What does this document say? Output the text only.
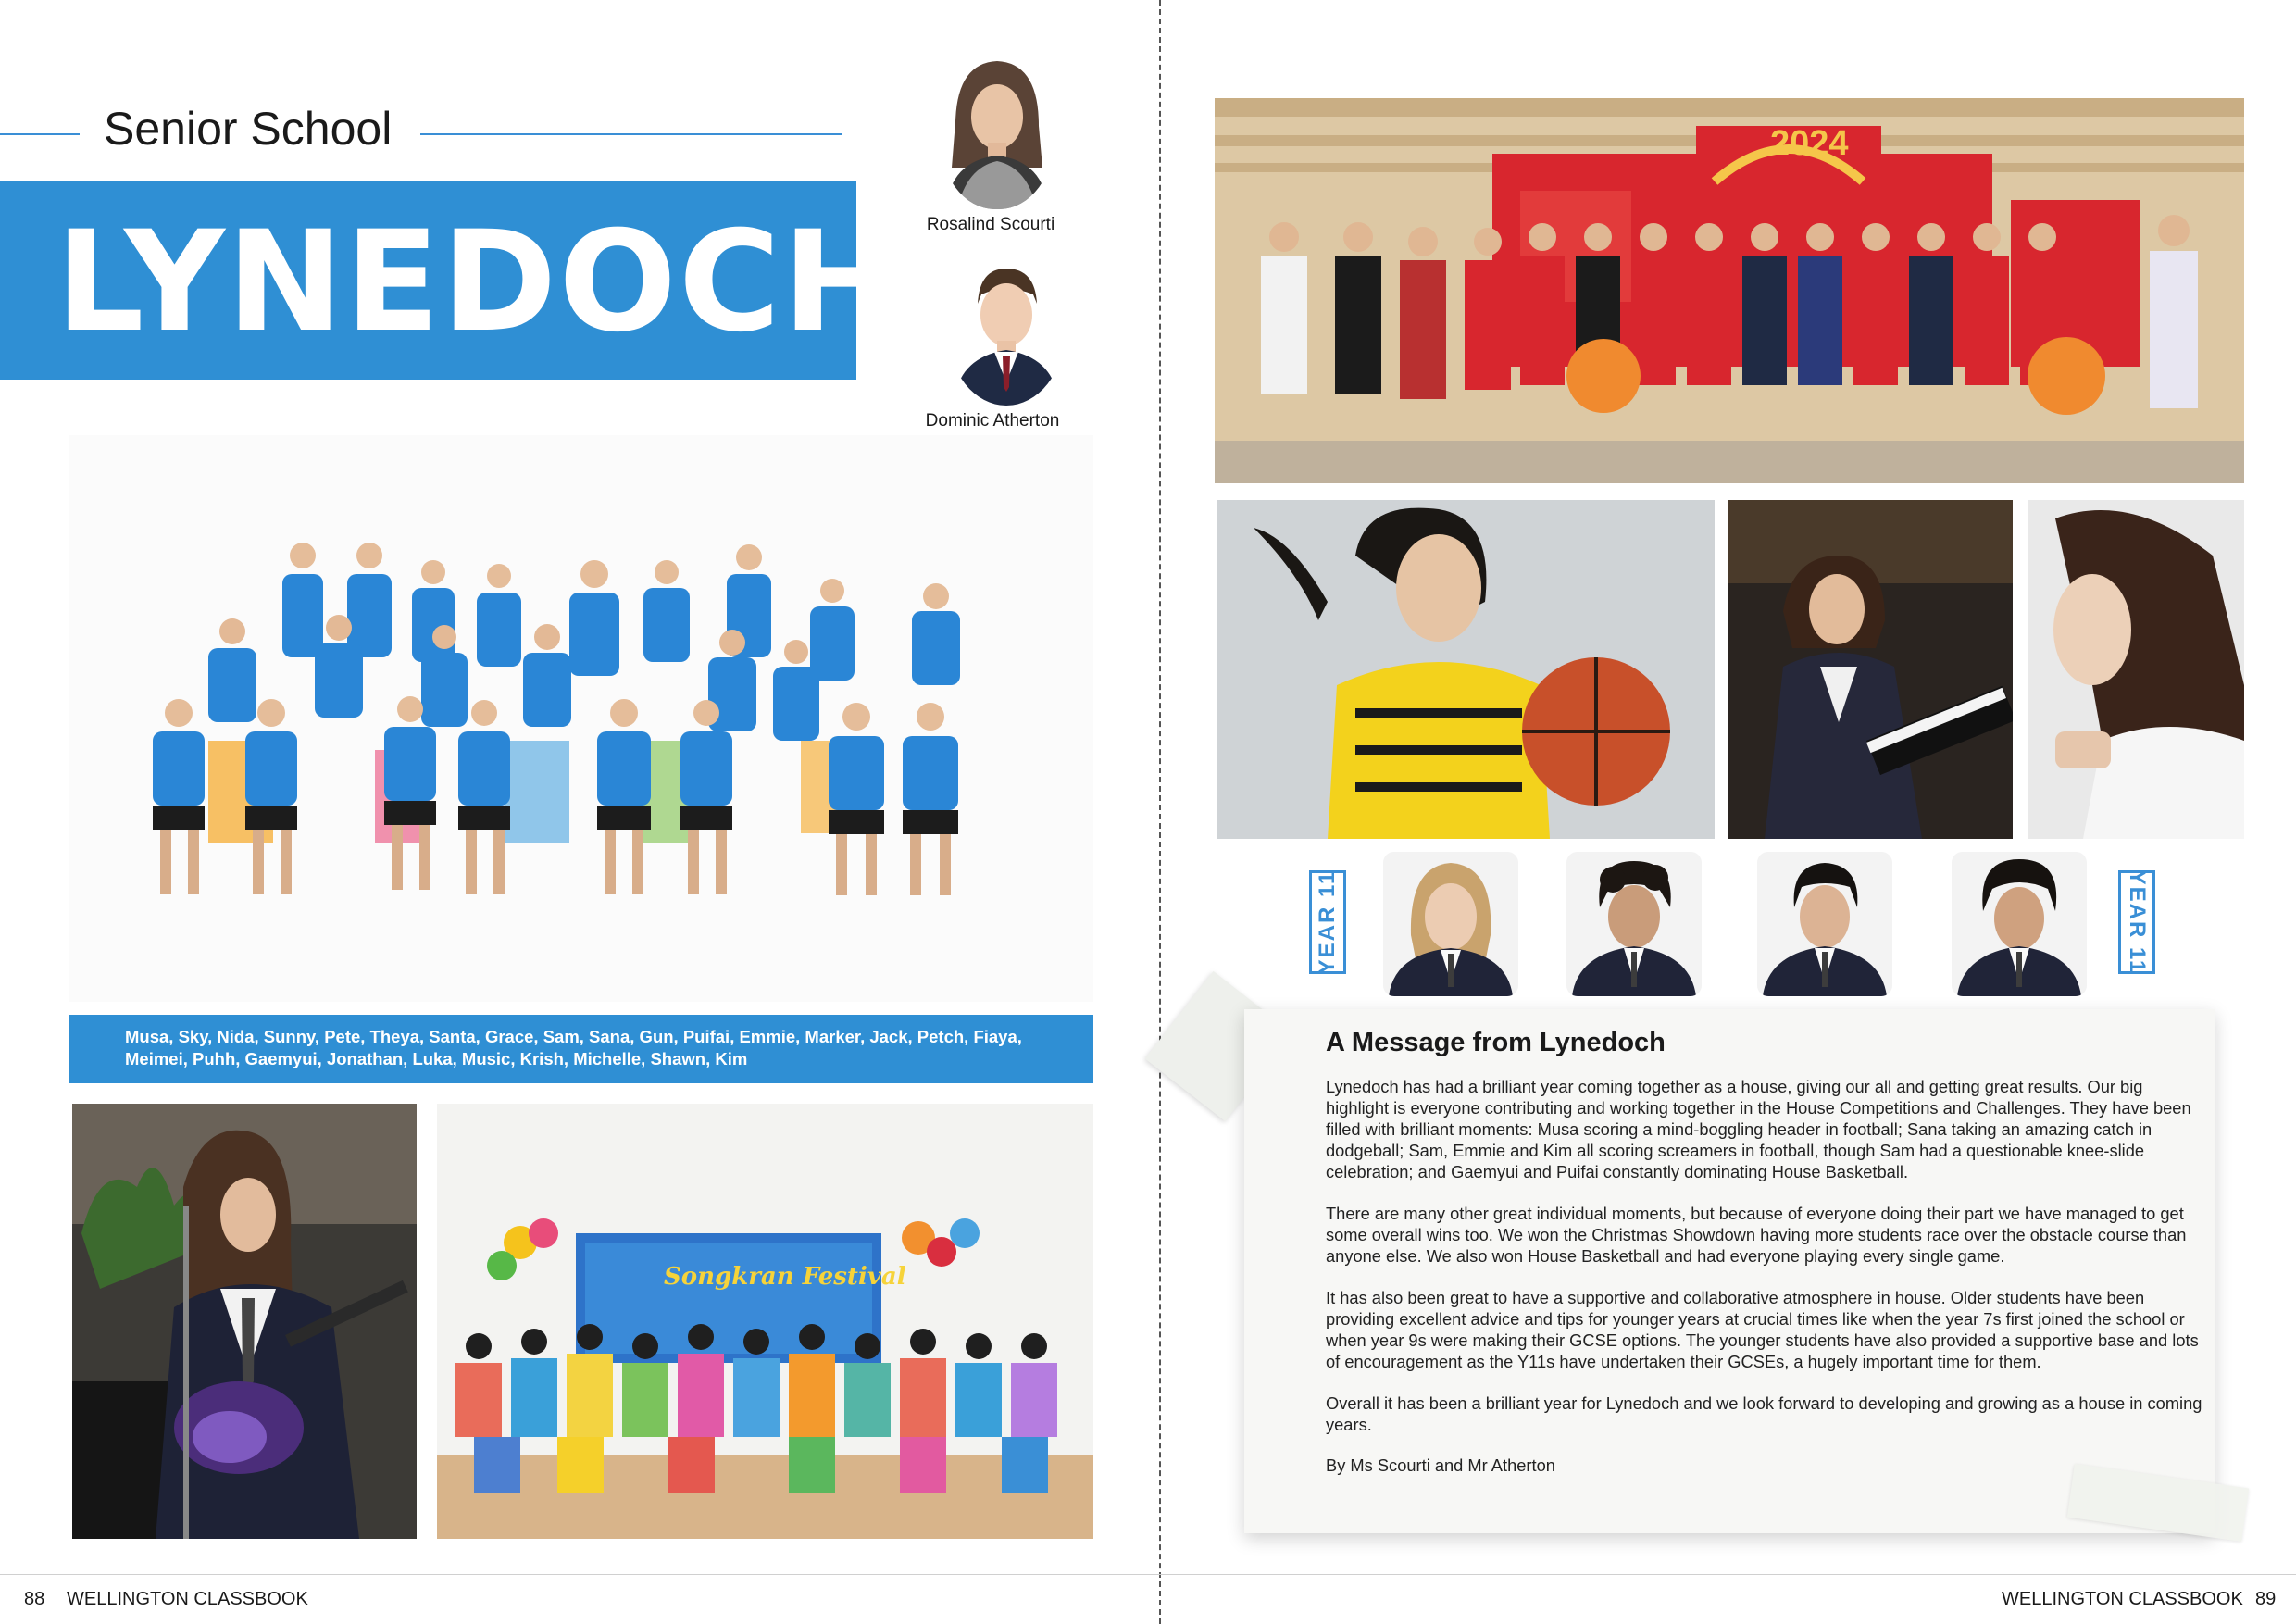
Senior School
LYNEDOCH	Rosalind Scourti
Dominic Atherton
Musa, Sky, Nida, Sunny, Pete, Theya, Santa, Grace, Sam, Sana, Gun, Puifai, Emmie, Marker, Jack, Petch, Fiaya, Meimei, Puhh, Gaemyui, Jonathan, Luka, Music, Krish, Michelle, Shawn, Kim
Songkran Festival
88 WELLINGTON CLASSBOOK
2024
YEAR 11	YEAR 11
A Message from Lynedoch

Lynedoch has had a brilliant year coming together as a house, giving our all and getting great results. Our big highlight is everyone contributing and working together in the House Competitions and Challenges. They have been filled with brilliant moments: Musa scoring a mind-boggling header in football; Sana taking an amazing catch in dodgeball; Sam, Emmie and Kim all scoring screamers in football, though Sam had a questionable knee-slide celebration; and Gaemyui and Puifai constantly dominating House Basketball.

There are many other great individual moments, but because of everyone doing their part we have managed to get some overall wins too. We won the Christmas Showdown having more students race over the obstacle course than anyone else. We also won House Basketball and had everyone playing every single game.

It has also been great to have a supportive and collaborative atmosphere in house. Older students have been providing excellent advice and tips for younger years at crucial times like when the year 7s first joined the school or when year 9s were making their GCSE options. The younger students have also provided a supportive base and lots of encouragement as the Y11s have undertaken their GCSEs, a hugely important time for them.

Overall it has been a brilliant year for Lynedoch and we look forward to developing and growing as a house in coming years.

By Ms Scourti and Mr Atherton
WELLINGTON CLASSBOOK 89
